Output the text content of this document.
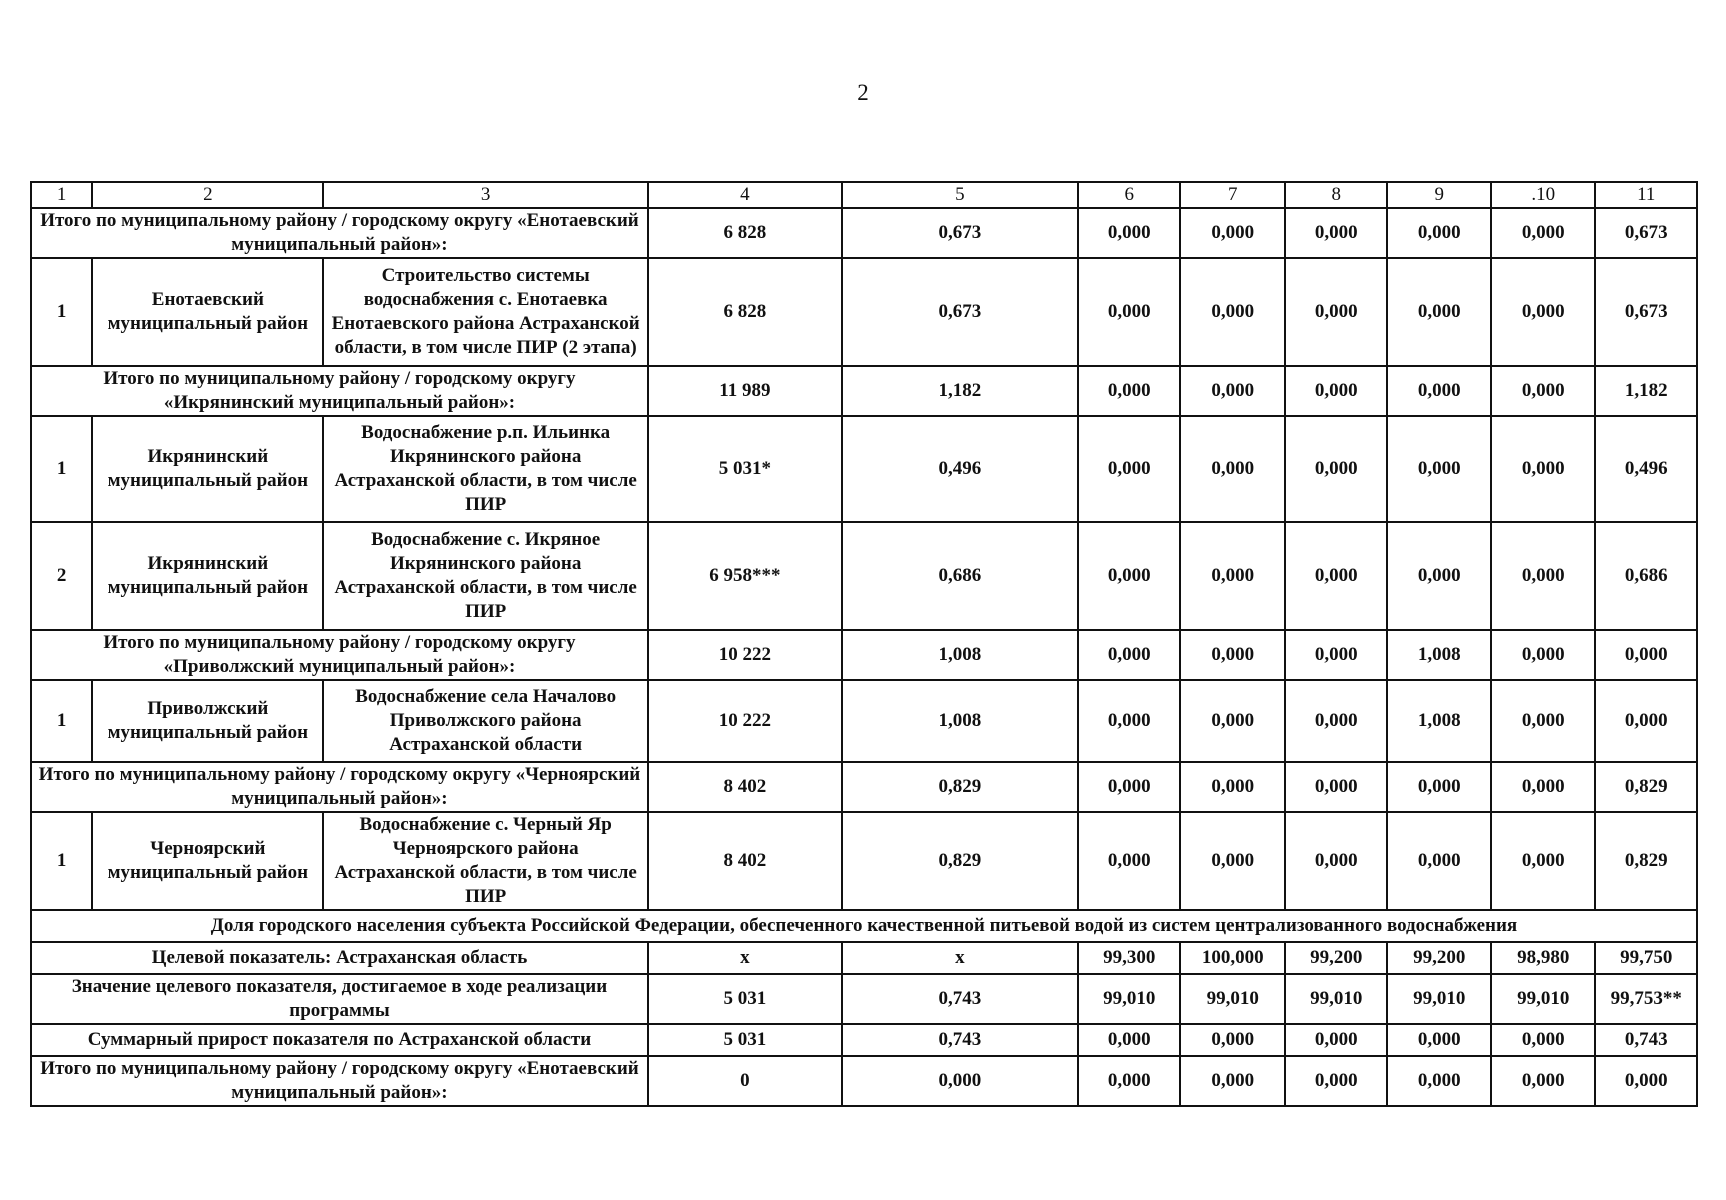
2
1	2	3	4	5	6	7	8	9	.10	11
Итого по муниципальному району / городскому округу «Енотаевский муниципальный район»:			6 828	0,673	0,000	0,000	0,000	0,000	0,000	0,673
1	Енотаевский муниципальный район	Строительство системы водоснабжения с. Енотаевка Енотаевского района Астраханской области, в том числе ПИР (2 этапа)	6 828	0,673	0,000	0,000	0,000	0,000	0,000	0,673
Итого по муниципальному району / городскому округу «Икрянинский муниципальный район»:			11 989	1,182	0,000	0,000	0,000	0,000	0,000	1,182
1	Икрянинский муниципальный район	Водоснабжение р.п. Ильинка Икрянинского района Астраханской области, в том числе ПИР	5 031*	0,496	0,000	0,000	0,000	0,000	0,000	0,496
2	Икрянинский муниципальный район	Водоснабжение с. Икряное Икрянинского района Астраханской области, в том числе ПИР	6 958***	0,686	0,000	0,000	0,000	0,000	0,000	0,686
Итого по муниципальному району / городскому округу «Приволжский муниципальный район»:			10 222	1,008	0,000	0,000	0,000	1,008	0,000	0,000
1	Приволжский муниципальный район	Водоснабжение села Началово Приволжского района Астраханской области	10 222	1,008	0,000	0,000	0,000	1,008	0,000	0,000
Итого по муниципальному району / городскому округу «Черноярский муниципальный район»:			8 402	0,829	0,000	0,000	0,000	0,000	0,000	0,829
1	Черноярский муниципальный район	Водоснабжение с. Черный Яр Черноярского района Астраханской области, в том числе ПИР	8 402	0,829	0,000	0,000	0,000	0,000	0,000	0,829
Доля городского населения субъекта Российской Федерации, обеспеченного качественной питьевой водой из систем централизованного водоснабжения										
Целевой показатель: Астраханская область			х	х	99,300	100,000	99,200	99,200	98,980	99,750
Значение целевого показателя, достигаемое в ходе реализации программы			5 031	0,743	99,010	99,010	99,010	99,010	99,010	99,753**
Суммарный прирост показателя по Астраханской области			5 031	0,743	0,000	0,000	0,000	0,000	0,000	0,743
Итого по муниципальному району / городскому округу «Енотаевский муниципальный район»:			0	0,000	0,000	0,000	0,000	0,000	0,000	0,000
